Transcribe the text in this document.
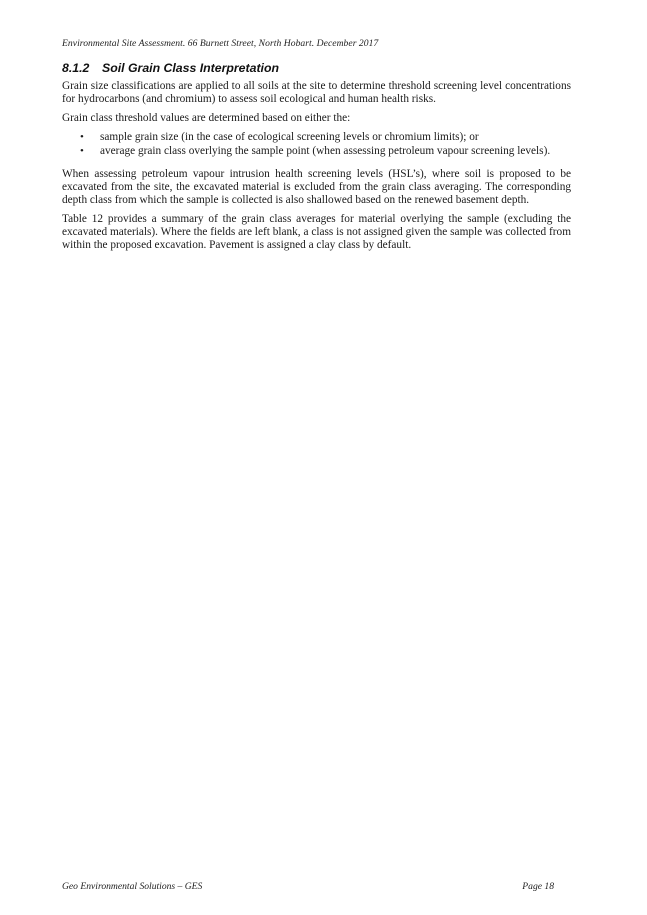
Environmental Site Assessment. 66 Burnett Street, North Hobart. December 2017
8.1.2 Soil Grain Class Interpretation

Grain size classifications are applied to all soils at the site to determine threshold screening level concentrations for hydrocarbons (and chromium) to assess soil ecological and human health risks.

Grain class threshold values are determined based on either the:

• sample grain size (in the case of ecological screening levels or chromium limits); or
• average grain class overlying the sample point (when assessing petroleum vapour screening levels).

When assessing petroleum vapour intrusion health screening levels (HSL’s), where soil is proposed to be excavated from the site, the excavated material is excluded from the grain class averaging. The corresponding depth class from which the sample is collected is also shallowed based on the renewed basement depth.

Table 12 provides a summary of the grain class averages for material overlying the sample (excluding the excavated materials). Where the fields are left blank, a class is not assigned given the sample was collected from within the proposed excavation. Pavement is assigned a clay class by default.

Geo Environmental Solutions – GES	Page 18
